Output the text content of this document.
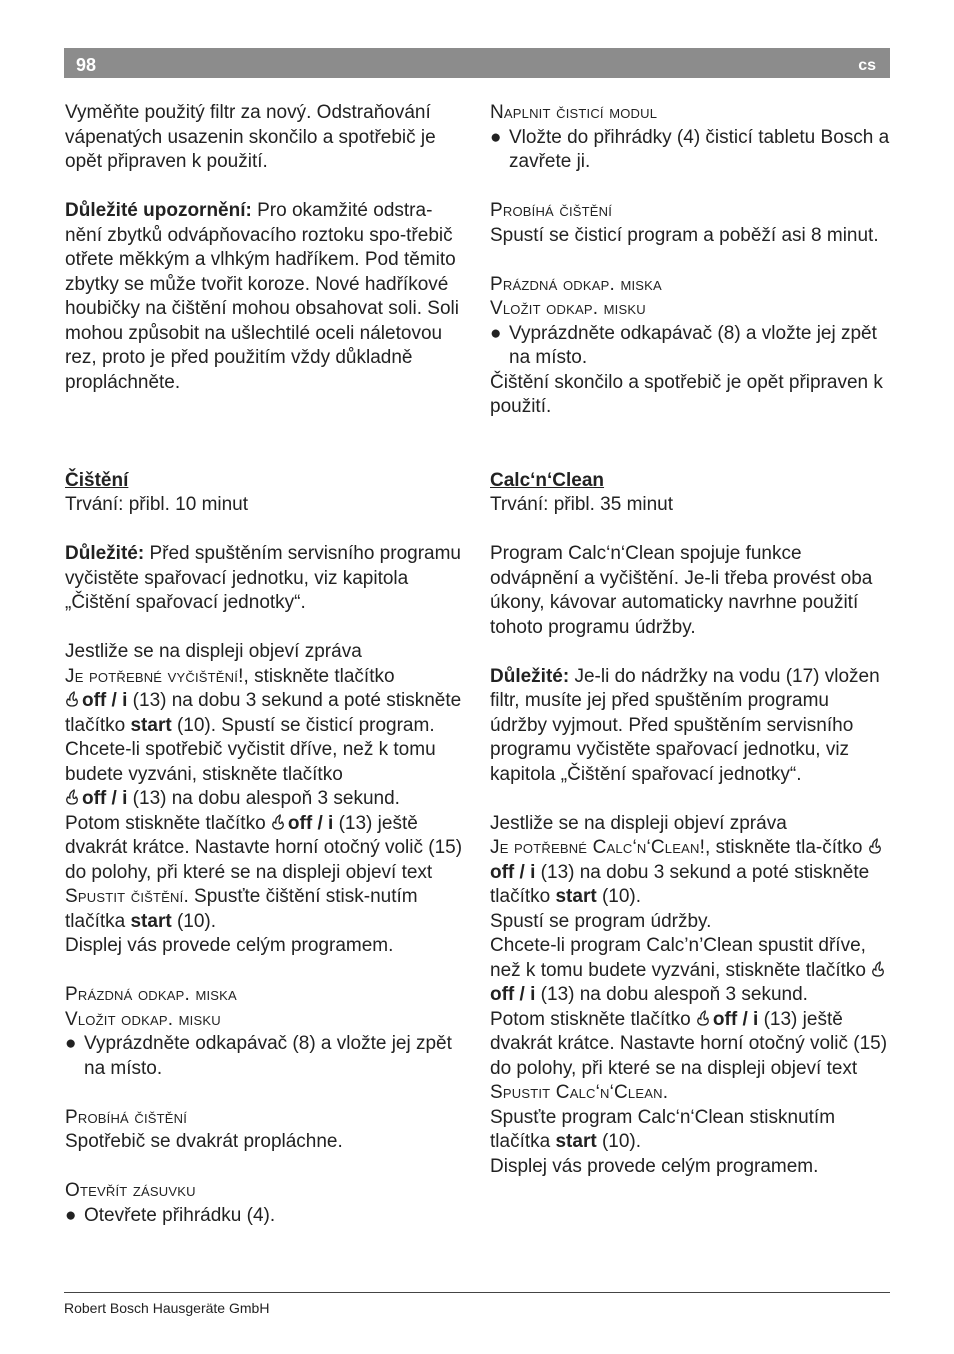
98	cs

Vyměňte použitý filtr za nový. Odstraňování vápenatých usazenin skončilo a spotřebič je opět připraven k použití.

Důležité upozornění: Pro okamžité odstra-nění zbytků odvápňovacího roztoku spo-třebič otřete měkkým a vlhkým hadříkem. Pod těmito zbytky se může tvořit koroze. Nové hadříkové houbičky na čištění mohou obsahovat soli. Soli mohou způsobit na ušlechtilé oceli náletovou rez, proto je před použitím vždy důkladně propláchněte.

Čištění

Trvání: přibl. 10 minut

Důležité: Před spuštěním servisního programu vyčistěte spařovací jednotku, viz kapitola „Čištění spařovací jednotky“.

Jestliže se na displeji objeví zpráva

Je potřebné vyčištění!, stiskněte tlačítko
off / i (13) na dobu 3 sekund a poté stiskněte tlačítko start (10). Spustí se čisticí program.

Chcete-li spotřebič vyčistit dříve, než k tomu budete vyzváni, stiskněte tlačítko
off / i (13) na dobu alespoň 3 sekund.
Potom stiskněte tlačítko off / i (13) ještě dvakrát krátce. Nastavte horní otočný volič (15) do polohy, při které se na displeji objeví text Spustit čištění. Spusťte čištění stisk-nutím tlačítka start (10).

Displej vás provede celým programem.

Prázdná odkap. miska

Vložit odkap. misku

● Vyprázdněte odkapávač (8) a vložte jej zpět na místo.

Probíhá čištění

Spotřebič se dvakrát propláchne.

Otevřít zásuvku

● Otevřete přihrádku (4).

Naplnit čisticí modul

● Vložte do přihrádky (4) čisticí tabletu Bosch a zavřete ji.

Probíhá čištění

Spustí se čisticí program a poběží asi 8 minut.

Prázdná odkap. miska

Vložit odkap. misku

● Vyprázdněte odkapávač (8) a vložte jej zpět na místo.

Čištění skončilo a spotřebič je opět připraven k použití.

Calc‘n‘Clean

Trvání: přibl. 35 minut

Program Calc‘n‘Clean spojuje funkce odvápnění a vyčištění. Je-li třeba provést oba úkony, kávovar automaticky navrhne použití tohoto programu údržby.

Důležité: Je-li do nádržky na vodu (17) vložen filtr, musíte jej před spuštěním programu údržby vyjmout. Před spuštěním servisního programu vyčistěte spařovací jednotku, viz kapitola „Čištění spařovací jednotky“.

Jestliže se na displeji objeví zpráva

Je potřebné Calc‘n‘Clean!, stiskněte tla-čítko off / i (13) na dobu 3 sekund a poté stiskněte tlačítko start (10).

Spustí se program údržby.

Chcete-li program Calc’n’Clean spustit dříve, než k tomu budete vyzváni, stiskněte tlačítko off / i (13) na dobu alespoň 3 sekund.
Potom stiskněte tlačítko off / i (13) ještě dvakrát krátce. Nastavte horní otočný volič (15) do polohy, při které se na displeji objeví text Spustit Calc‘n‘Clean.
Spusťte program Calc‘n‘Clean stisknutím tlačítka start (10).

Displej vás provede celým programem.

Robert Bosch Hausgeräte GmbH
